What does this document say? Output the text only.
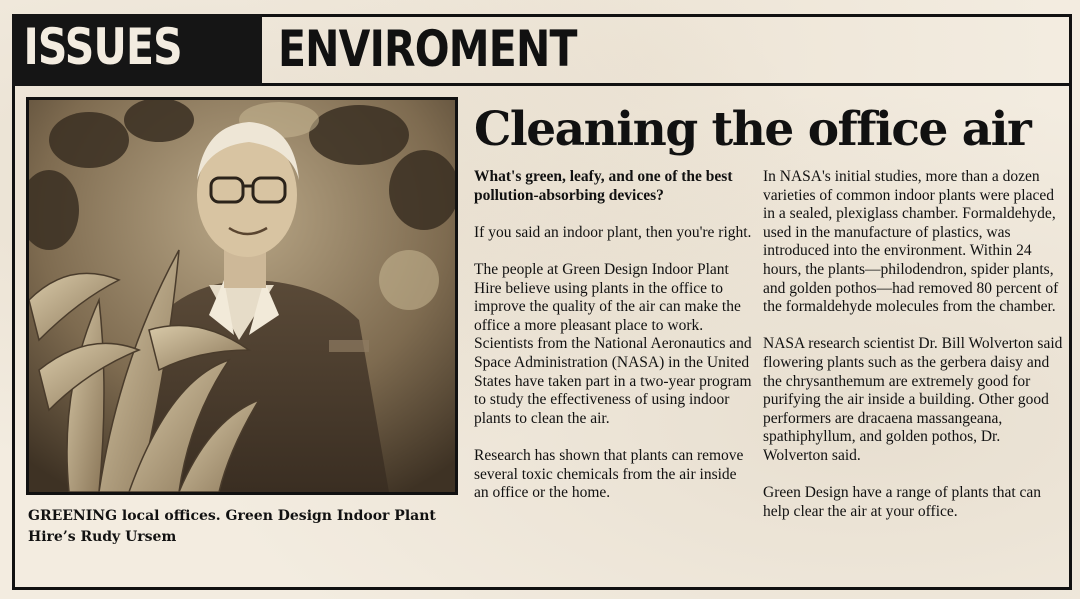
ISSUES	ENVIROMENT
GREENING local offices. Green Design Indoor Plant Hire’s Rudy Ursem
Cleaning the office air

What's green, leafy, and one of the best pollution-absorbing devices?

If you said an indoor plant, then you're right.

The people at Green Design Indoor Plant Hire believe using plants in the office to improve the quality of the air can make the office a more pleasant place to work. Scientists from the National Aeronautics and Space Administration (NASA) in the United States have taken part in a two-year program to study the effectiveness of using indoor plants to clean the air.

Research has shown that plants can remove several toxic chemicals from the air inside an office or the home.

In NASA's initial studies, more than a dozen varieties of common indoor plants were placed in a sealed, plexiglass chamber. Formaldehyde, used in the manufacture of plastics, was introduced into the environment. Within 24 hours, the plants—philodendron, spider plants, and golden pothos—had removed 80 percent of the formaldehyde molecules from the chamber.

NASA research scientist Dr. Bill Wolverton said flowering plants such as the gerbera daisy and the chrysanthemum are extremely good for purifying the air inside a building. Other good performers are dracaena massangeana, spathiphyllum, and golden pothos, Dr. Wolverton said.

Green Design have a range of plants that can help clear the air at your office.
